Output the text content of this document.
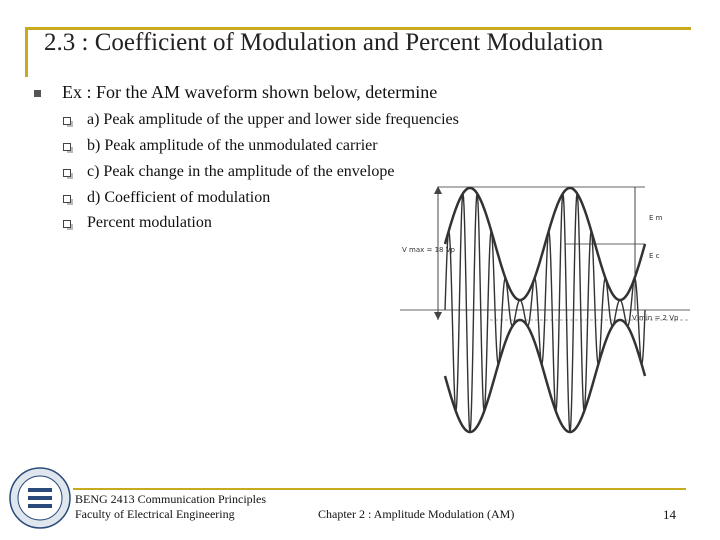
2.3 : Coefficient of Modulation and Percent Modulation
Ex : For the AM waveform shown below, determine
a) Peak amplitude of the upper and lower side frequencies
b) Peak amplitude of the unmodulated carrier
c) Peak change in the amplitude of the envelope
d) Coefficient of modulation
Percent modulation
V max = 18 Vp
V min = 2 Vp
E m
E c
BENG 2413 Communication Principles
Faculty of Electrical Engineering	Chapter 2 : Amplitude Modulation (AM)	14
